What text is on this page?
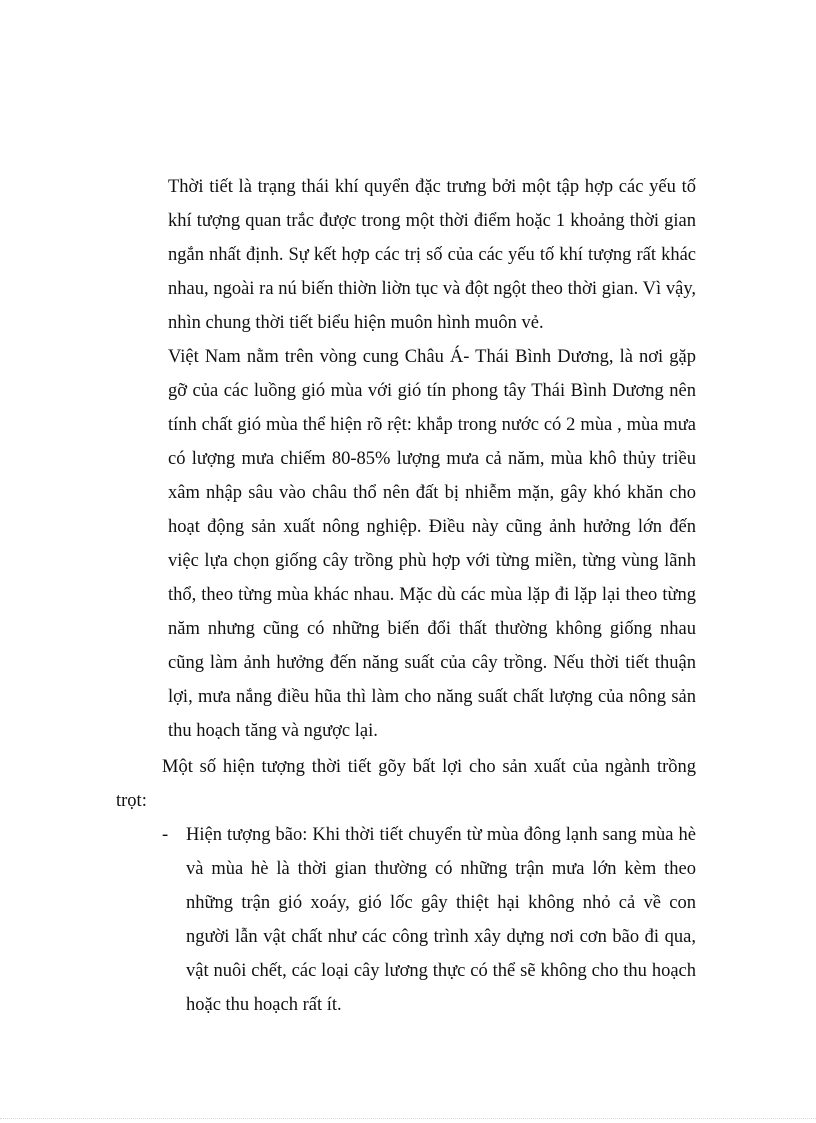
Thời tiết là trạng thái khí quyển đặc trưng bởi một tập hợp các yếu tố khí tượng quan trắc được trong một thời điểm hoặc 1 khoảng thời gian ngắn nhất định. Sự kết hợp các trị số của các yếu tố khí tượng rất khác nhau, ngoài ra nú biến thiờn liờn tục và đột ngột theo thời gian. Vì vậy, nhìn chung thời tiết biểu hiện muôn hình muôn vẻ.

Việt Nam nằm trên vòng cung Châu Á- Thái Bình Dương, là nơi gặp gỡ của các luồng gió mùa với gió tín phong tây Thái Bình Dương nên tính chất gió mùa thể hiện rõ rệt: khắp trong nước có 2 mùa , mùa mưa có lượng mưa chiếm 80-85% lượng mưa cả năm, mùa khô thủy triều xâm nhập sâu vào châu thổ nên đất bị nhiễm mặn, gây khó khăn cho hoạt động sản xuất nông nghiệp. Điều này cũng ảnh hưởng lớn đến việc lựa chọn giống cây trồng phù hợp với từng miền, từng vùng lãnh thổ, theo từng mùa khác nhau. Mặc dù các mùa lặp đi lặp lại theo từng năm nhưng cũng có những biến đổi thất thường không giống nhau cũng làm ảnh hưởng đến năng suất của cây trồng. Nếu thời tiết thuận lợi, mưa nắng điều hũa thì làm cho năng suất chất lượng của nông sản thu hoạch tăng và ngược lại.

Một số hiện tượng thời tiết gõy bất lợi cho sản xuất của ngành trồng trọt:

- Hiện tượng bão: Khi thời tiết chuyển từ mùa đông lạnh sang mùa hè và mùa hè là thời gian thường có những trận mưa lớn kèm theo những trận gió xoáy, gió lốc gây thiệt hại không nhỏ cả về con người lẫn vật chất như các công trình xây dựng nơi cơn bão đi qua, vật nuôi chết, các loại cây lương thực có thể sẽ không cho thu hoạch hoặc thu hoạch rất ít.
